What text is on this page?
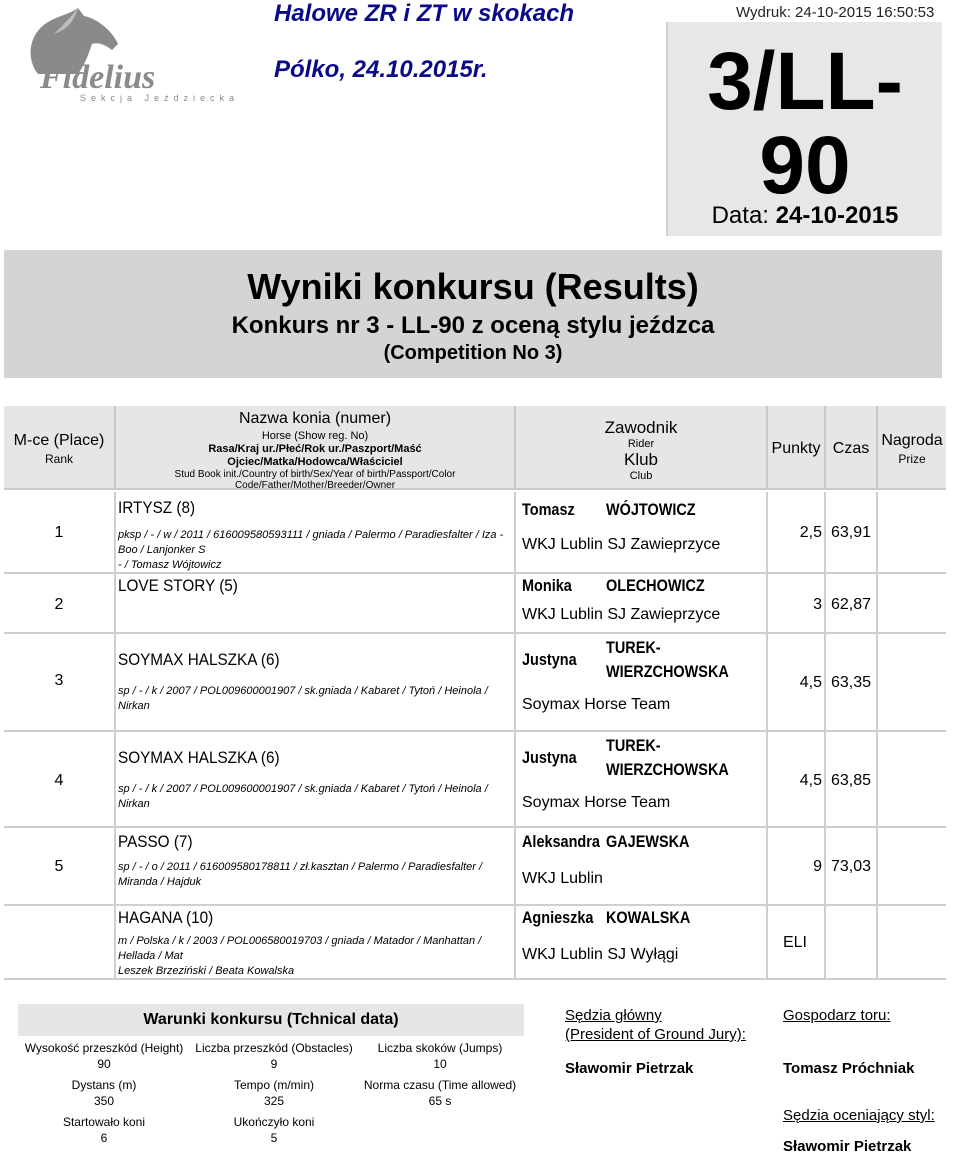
Fidelius
Sekcja Jeździecka
Halowe ZR i ZT w skokach
Pólko, 24.10.2015r.
Wydruk: 24-10-2015 16:50:53
3/LL-
90
Data: 24-10-2015
Wyniki konkursu (Results)
Konkurs nr 3 - LL-90 z oceną stylu jeźdzca
(Competition No 3)
M-ce (Place)
Rank
Nazwa konia (numer)
Horse (Show reg. No)
Rasa/Kraj ur./Płeć/Rok ur./Paszport/Maść
Ojciec/Matka/Hodowca/Właściciel
Stud Book init./Country of birth/Sex/Year of birth/Passport/Color
Code/Father/Mother/Breeder/Owner
Zawodnik
Rider
Klub
Club
Punkty Czas Nagroda
Prize
1
IRTYSZ (8)
pksp / - / w / 2011 / 616009580593111 / gniada / Palermo / Paradiesfalter / Iza - Boo / Lanjonker S
- / Tomasz Wójtowicz
Tomasz WÓJTOWICZ
WKJ Lublin SJ Zawieprzyce
2,5 63,91
2
LOVE STORY (5)	Monika OLECHOWICZ
WKJ Lublin SJ Zawieprzyce
3 62,87
3
SOYMAX HALSZKA (6)
sp / - / k / 2007 / POL009600001907 / sk.gniada / Kabaret / Tytoń / Heinola / Nirkan
Justyna
TUREK-WIERZCHOWSKA
Soymax Horse Team
4,5 63,35
4
SOYMAX HALSZKA (6)
sp / - / k / 2007 / POL009600001907 / sk.gniada / Kabaret / Tytoń / Heinola / Nirkan
Justyna
TUREK-WIERZCHOWSKA
Soymax Horse Team
4,5 63,85
5
PASSO (7)
sp / - / o / 2011 / 616009580178811 / zł.kasztan / Palermo / Paradiesfalter / Miranda / Hajduk
Aleksandra GAJEWSKA
WKJ Lublin
9 73,03
HAGANA (10)
m / Polska / k / 2003 / POL006580019703 / gniada / Matador / Manhattan / Hellada / Mat
Leszek Brzeziński / Beata Kowalska
Agnieszka KOWALSKA
WKJ Lublin SJ Wyłągi
ELI
Warunki konkursu (Tchnical data)
Wysokość przeszkód (Height)
90
Liczba przeszkód (Obstacles)
9
Liczba skoków (Jumps)
10
Dystans (m)
350
Tempo (m/min)
325
Norma czasu (Time allowed)
65 s
Startowało koni
6
Ukończyło koni
5
Sędzia główny
(President of Ground Jury):
Sławomir Pietrzak
Gospodarz toru:
Tomasz Próchniak
Sędzia oceniający styl:
Sławomir Pietrzak
